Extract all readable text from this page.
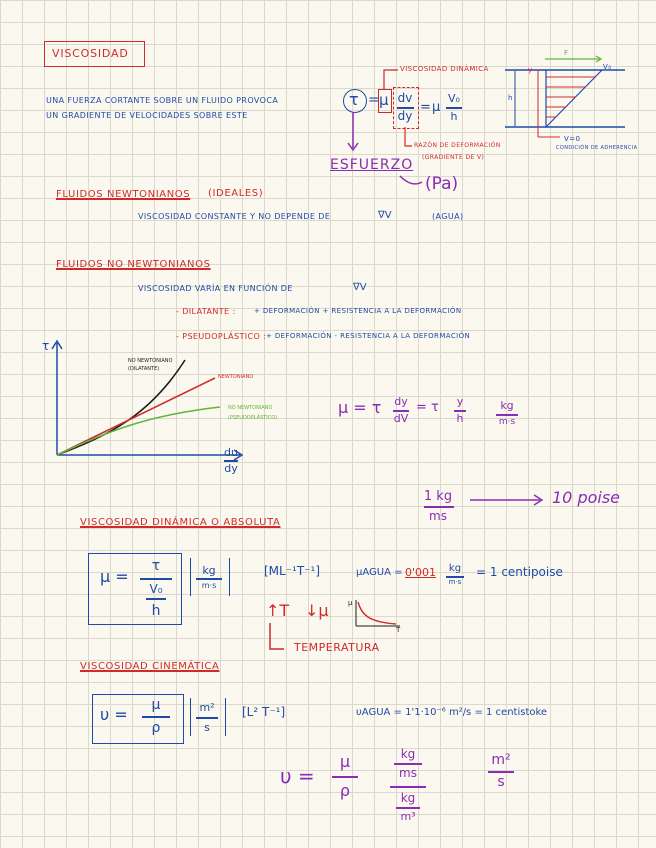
VISCOSIDAD
UNA FUERZA CORTANTE SOBRE UN FLUIDO PROVOCA
UN GRADIENTE DE VELOCIDADES SOBRE ESTE
τ = μ dv
dy
= μ
V₀
h
VISCOSIDAD DINÁMICA
RAZÓN DE DEFORMACIÓN
(GRADIENTE DE V)
ESFUERZO
(Pa)
F
V₀
h
y
V=0
CONDICIÓN DE ADHERENCIA
FLUIDOS NEWTONIANOS (IDEALES)
VISCOSIDAD CONSTANTE Y NO DEPENDE DE	∇V	(AGUA)
FLUIDOS NO NEWTONIANOS
VISCOSIDAD VARÍA EN FUNCIÓN DE	∇V
- DILATANTE :	+ DEFORMACIÓN + RESISTENCIA A LA DEFORMACIÓN
- PSEUDOPLÁSTICO : + DEFORMACIÓN - RESISTENCIA A LA DEFORMACIÓN
τ
du
dy
NO NEWTONIANO
(DILATANTE)
NEWTONIANO
NO NEWTONIANO
(PSEUDOPLÁSTICO)
μ = τ	dy
dV
= τ	y
h
kg
m·s
1 kg
ms
10 poise
VISCOSIDAD DINÁMICA O ABSOLUTA
μ =
τ
V₀
h
kg
m·s
[ML⁻¹T⁻¹]	μAGUA = 0'001	kg
m·s
= 1 centipoise
↑T ↓μ
TEMPERATURA
μ
T
VISCOSIDAD CINEMÁTICA
υ =	μ
ρ
m²
s
[L² T⁻¹]	υAGUA = 1'1·10⁻⁶ m²/s = 1 centistoke
υ =
μ
ρ
kg
ms
kg
m³
m²
s
